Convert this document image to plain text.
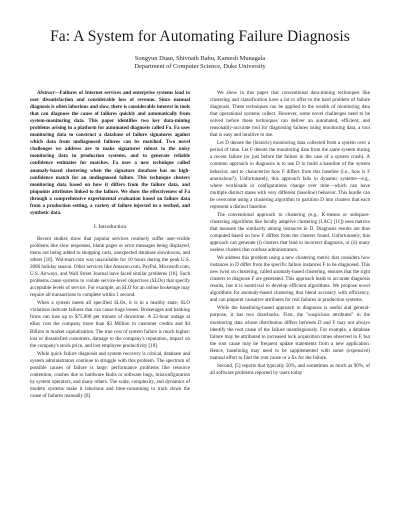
Fa: A System for Automating Failure Diagnosis
Songyun Duan, Shivnath Babu, Kamesh Munagala
Department of Computer Science, Duke University

Abstract—Failures of Internet services and enterprise systems lead to user dissatisfaction and considerable loss of revenue. Since manual diagnosis is often laborious and slow, there is considerable interest in tools that can diagnose the cause of failures quickly and automatically from system-monitoring data. This paper identifies two key data-mining problems arising in a platform for automated diagnosis called Fa. Fa uses monitoring data to construct a database of failure signatures against which data from undiagnosed failures can be matched. Two novel challenges we address are to make signatures robust to the noisy monitoring data in production systems, and to generate reliable confidence estimates for matches. Fa uses a new technique called anomaly-based clustering when the signature database has no high-confidence match for an undiagnosed failure. This technique clusters monitoring data based on how it differs from the failure data, and pinpoints attributes linked to the failure. We show the effectiveness of Fa through a comprehensive experimental evaluation based on failure data from a production setting, a variety of failure injected in a testbed, and synthetic data.

I. Introduction

Recent studies show that popular services routinely suffer user-visible problems like slow responses, blank pages or error messages being displayed, items not being added to shopping carts, unexpected database slowdowns, and others [18]. Wal-mart.com was unavailable for 10 hours during the peak U.S. 2006 holiday season. Other services like Amazon.com, PayPal, Microsoft.com, U.S. Airways, and Wall Street Journal have faced similar problems [18]. Such problems cause systems to violate service-level objectives (SLOs) that specify acceptable levels of service. For example, an SLO for an online brokerage may require all transactions to complete within 1 second.

When a system meets all specified SLOs, it is in a healthy state; SLO violations indicate failures that can cause huge losses. Brokerages and banking firms can lose up to $75,000 per minute of downtime. A 22-hour outage at eBay cost the company more than $3 Million in customer credits and $4 Billion in market capitalization. The true cost of system failure is much higher: lost or dissatisfied customers, damage to the company's reputation, impact on the company's stock price, and lost employee productivity [18].

While quick failure diagnosis and system recovery is critical, database and system administrators continue to struggle with this problem. The spectrum of possible causes of failure is large: performance problems like resource contention, crashes due to hardware faults or software bugs, misconfiguration by system operators, and many others. The scale, complexity, and dynamics of modern systems make it laborious and time-consuming to track down the cause of failures manually [8].

We show in this paper that conventional data-mining techniques like clustering and classification have a lot to offer to the hard problem of failure diagnosis. These techniques can be applied to the wealth of monitoring data that operational systems collect. However, some novel challenges need to be solved before these techniques can deliver an automated, efficient, and reasonably-accurate tool for diagnosing failures using monitoring data, a tool that is easy and intuitive to use.

Let D denote the (historic) monitoring data collected from a system over a period of time. Let F denote the monitoring data from the same system during a recent failure (or just before the failure in the case of a system crash). A common approach in diagnosis is to use D to build a baseline of the system behavior, and to characterize how F differs from this baseline (i.e., how is F anomalous?). Unfortunately, this approach fails in dynamic systems—e.g., where workloads or configurations change over time—which can have multiple distinct states with very different (baseline) behavior. This hurdle can be overcome using a clustering algorithm to partition D into clusters that each represent a distinct baseline.

The conventional approach to clustering (e.g., K-means or subspace-clustering algorithms like locally adaptive clustering (LAC) [11]) uses metrics that measure the similarity among instances in D. Diagnosis results are thus computed based on how F differs from the clusters found. Unfortunately, this approach can generate (i) clusters that lead to incorrect diagnosis, or (ii) many useless clusters that confuse administrators.

We address this problem using a new clustering metric that considers how instances in D differ from the specific failure instances F to be diagnosed. This new twist on clustering, called anomaly-based clustering, ensures that the right clusters to diagnose F are generated. This approach leads to accurate diagnosis results, but it is nontrivial to develop efficient algorithms. We propose novel algorithms for anomaly-based clustering that blend accuracy with efficiency, and can pinpoint causative attributes for real failures in production systems.

While the baselining-based approach to diagnosis is useful and general-purpose, it has two drawbacks. First, the "suspicious attributes" in the monitoring data whose distribution differs between D and F may not always identify the root cause of the failure unambiguously. For example, a database failure may be attributed to increased lock acquisition times observed in F, but the root cause may be frequent update statements from a new application. Hence, baselining may need to be supplemented with some (expensive) manual effort to find the root cause or a fix for the failure.

Second, [5] reports that typically 50%, and sometimes as much as 90%, of all software problems reported by users today
